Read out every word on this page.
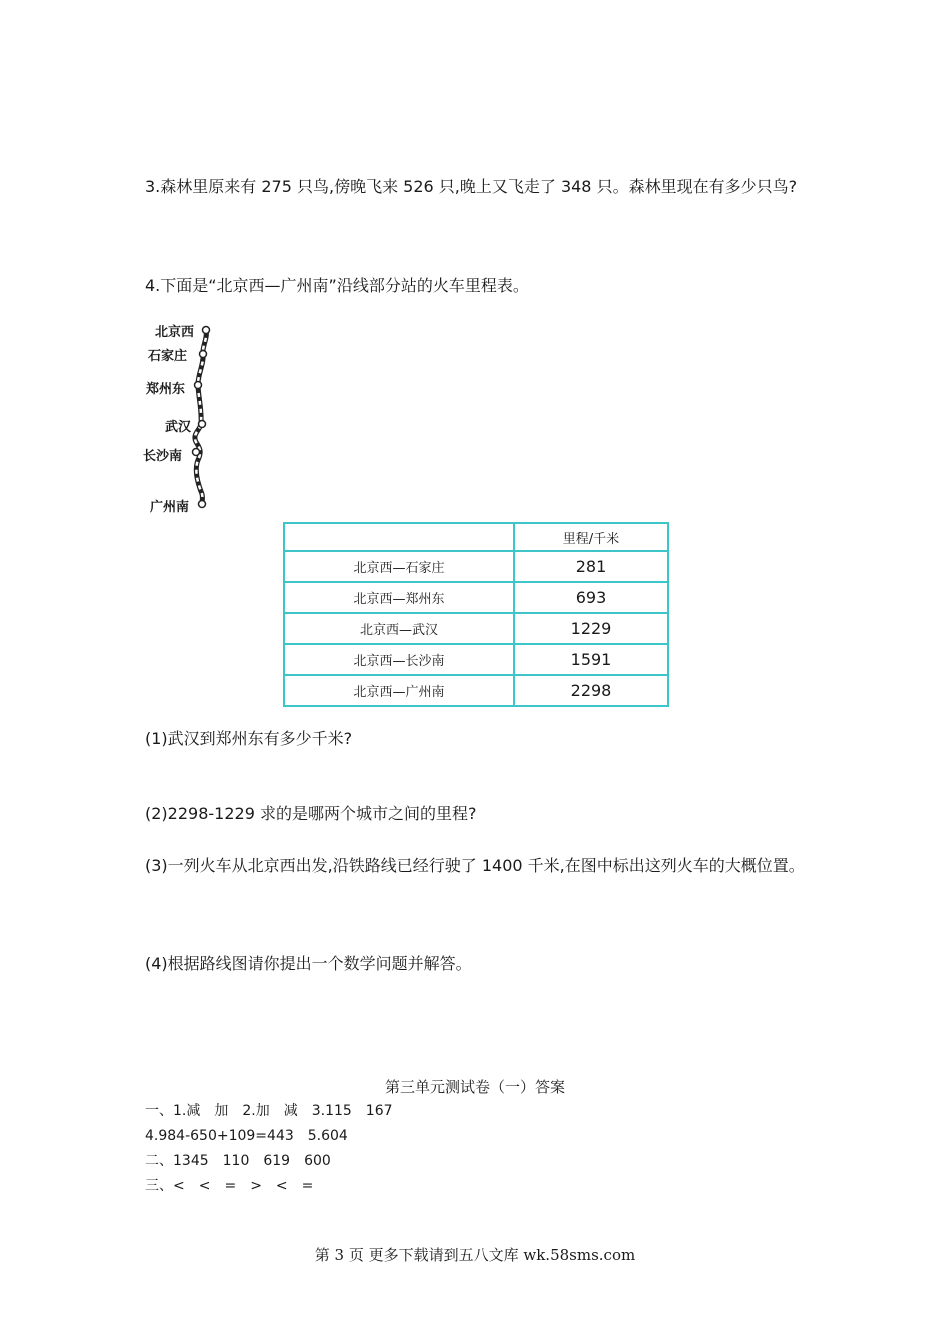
3.森林里原来有 275 只鸟,傍晚飞来 526 只,晚上又飞走了 348 只。森林里现在有多少只鸟?
4.下面是“北京西—广州南”沿线部分站的火车里程表。
北京西
石家庄
郑州东
武汉
长沙南
广州南
	里程/千米
北京西—石家庄	281
北京西—郑州东	693
北京西—武汉	1229
北京西—长沙南	1591
北京西—广州南	2298
(1)武汉到郑州东有多少千米?
(2)2298-1229 求的是哪两个城市之间的里程?
(3)一列火车从北京西出发,沿铁路线已经行驶了 1400 千米,在图中标出这列火车的大概位置。
(4)根据路线图请你提出一个数学问题并解答。
第三单元测试卷（一）答案
一、1.减　加　2.加　减　3.115　167
4.984-650+109=443　5.604
二、1345　110　619　600
三、<　<　=　>　<　=
第 3 页 更多下载请到五八文库 wk.58sms.com
